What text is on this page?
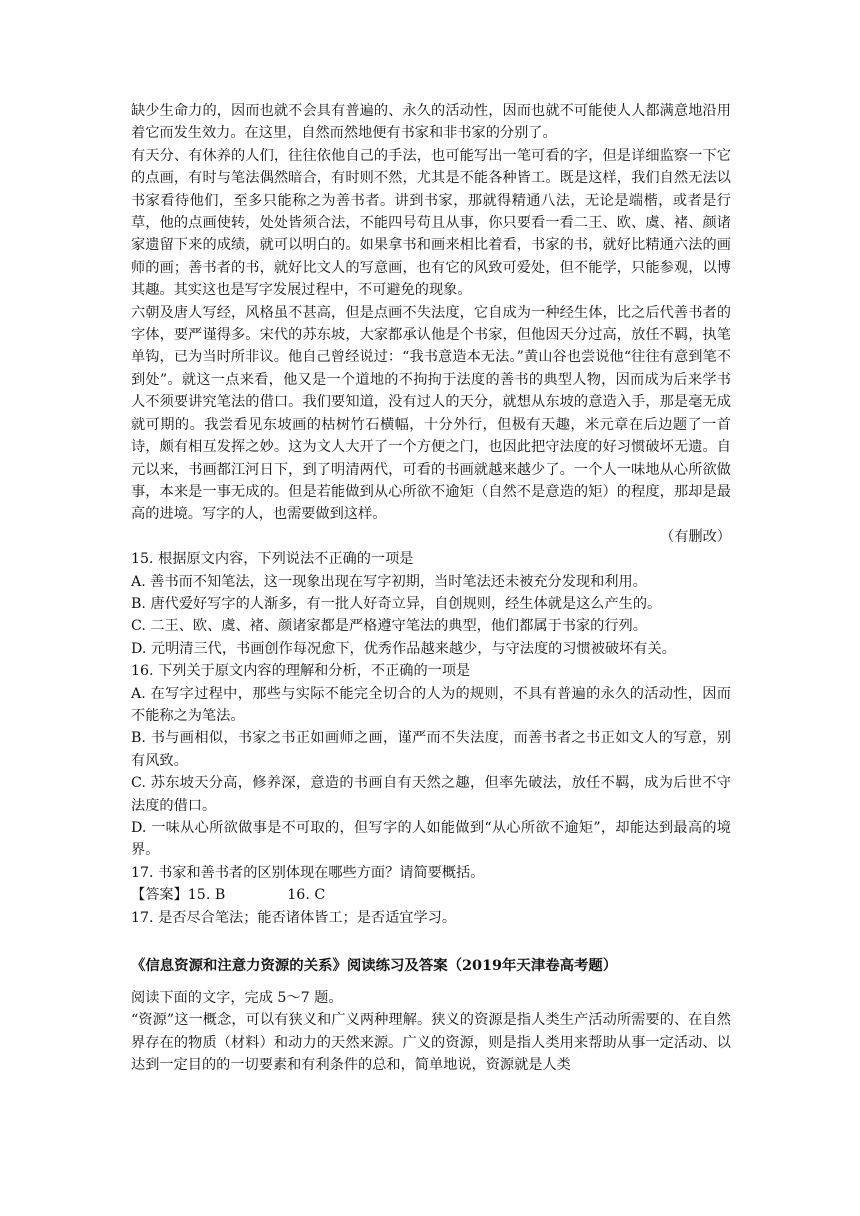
缺少生命力的，因而也就不会具有普遍的、永久的活动性，因而也就不可能使人人都满意地沿用着它而发生效力。在这里，自然而然地便有书家和非书家的分别了。

有天分、有休养的人们，往往依他自己的手法，也可能写出一笔可看的字，但是详细监察一下它的点画，有时与笔法偶然暗合，有时则不然，尤其是不能各种皆工。既是这样，我们自然无法以书家看待他们，至多只能称之为善书者。讲到书家，那就得精通八法，无论是端楷，或者是行草，他的点画使转，处处皆须合法，不能四号苟且从事，你只要看一看二王、欧、虞、褚、颜诸家遗留下来的成绩，就可以明白的。如果拿书和画来相比着看，书家的书，就好比精通六法的画师的画；善书者的书，就好比文人的写意画，也有它的风致可爱处，但不能学，只能参观，以博其趣。其实这也是写字发展过程中，不可避免的现象。

六朝及唐人写经，风格虽不甚高，但是点画不失法度，它自成为一种经生体，比之后代善书者的字体，要严谨得多。宋代的苏东坡，大家都承认他是个书家，但他因天分过高，放任不羁，执笔单钩，已为当时所非议。他自己曾经说过：“我书意造本无法。”黄山谷也尝说他“往往有意到笔不到处”。就这一点来看，他又是一个道地的不拘拘于法度的善书的典型人物，因而成为后来学书人不须要讲究笔法的借口。我们要知道，没有过人的天分，就想从东坡的意造入手，那是毫无成就可期的。我尝看见东坡画的枯树竹石横幅，十分外行，但极有天趣，米元章在后边题了一首诗，颇有相互发挥之妙。这为文人大开了一个方便之门，也因此把守法度的好习惯破坏无遗。自元以来，书画都江河日下，到了明清两代，可看的书画就越来越少了。一个人一味地从心所欲做事，本来是一事无成的。但是若能做到从心所欲不逾矩（自然不是意造的矩）的程度，那却是最高的进境。写字的人，也需要做到这样。

（有删改）

15. 根据原文内容，下列说法不正确的一项是

A. 善书而不知笔法，这一现象出现在写字初期，当时笔法还未被充分发现和利用。

B. 唐代爱好写字的人渐多，有一批人好奇立异，自创规则，经生体就是这么产生的。

C. 二王、欧、虞、褚、颜诸家都是严格遵守笔法的典型，他们都属于书家的行列。

D. 元明清三代，书画创作每况愈下，优秀作品越来越少，与守法度的习惯被破坏有关。

16. 下列关于原文内容的理解和分析，不正确的一项是

A. 在写字过程中，那些与实际不能完全切合的人为的规则，不具有普遍的永久的活动性，因而不能称之为笔法。

B. 书与画相似，书家之书正如画师之画，谨严而不失法度，而善书者之书正如文人的写意，别有风致。

C. 苏东坡天分高，修养深，意造的书画自有天然之趣，但率先破法，放任不羁，成为后世不守法度的借口。

D. 一味从心所欲做事是不可取的，但写字的人如能做到“从心所欲不逾矩”，却能达到最高的境界。

17. 书家和善书者的区别体现在哪些方面？请简要概括。

【答案】15. B	16. C

17. 是否尽合笔法；能否诸体皆工；是否适宜学习。

《信息资源和注意力资源的关系》阅读练习及答案（2019年天津卷高考题）

阅读下面的文字，完成 5～7 题。

“资源”这一概念，可以有狭义和广义两种理解。狭义的资源是指人类生产活动所需要的、在自然界存在的物质（材料）和动力的天然来源。广义的资源，则是指人类用来帮助从事一定活动、以达到一定目的的一切要素和有利条件的总和，简单地说，资源就是人类
